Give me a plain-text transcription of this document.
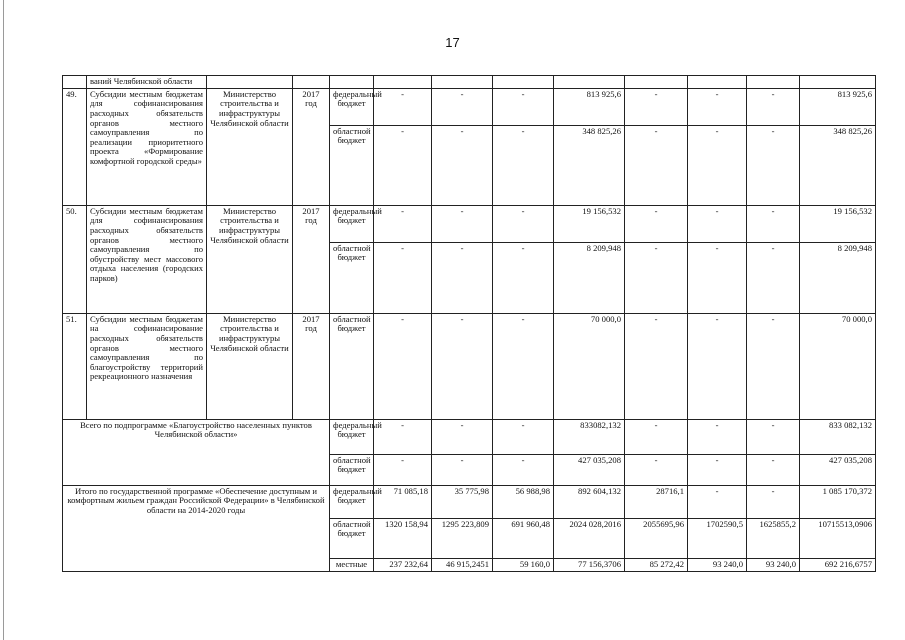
17

	ваний Челябинской области											

49.	Субсидии местным бюджетам для софинансирования расходных обязательств органов местного самоуправления по реализации приоритетного проекта «Формирование комфортной городской среды»	Министерство строительства и инфраструктуры Челябинской области	2017 год	федеральный бюджет	-	-	-	813 925,6	-	-	-	813 925,6
				областной бюджет	-	-	-	348 825,26	-	-	-	348 825,26
50.	Субсидии местным бюджетам для софинансирования расходных обязательств органов местного самоуправления по обустройству мест массового отдыха населения (городских парков)	Министерство строительства и инфраструктуры Челябинской области	2017 год	федеральный бюджет	-	-	-	19 156,532	-	-	-	19 156,532
				областной бюджет	-	-	-	8 209,948	-	-	-	8 209,948
51.	Субсидии местным бюджетам на софинансирование расходных обязательств органов местного самоуправления по благоустройству территорий рекреационного назначения	Министерство строительства и инфраструктуры Челябинской области	2017 год	областной бюджет	-	-	-	70 000,0	-	-	-	70 000,0
Всего по подпрограмме «Благоустройство населенных пунктов Челябинской области»				федеральный бюджет	-	-	-	833082,132	-	-	-	833 082,132
				областной бюджет	-	-	-	427 035,208	-	-	-	427 035,208
Итого по государственной программе «Обеспечение доступным и комфортным жильем граждан Российской Федерации» в Челябинской области на 2014-2020 годы				федеральный бюджет	71 085,18	35 775,98	56 988,98	892 604,132	28716,1	-	-	1 085 170,372
				областной бюджет	1320 158,94	1295 223,809	691 960,48	2024 028,2016	2055695,96	1702590,5	1625855,2	10715513,0906
				местные	237 232,64	46 915,2451	59 160,0	77 156,3706	85 272,42	93 240,0	93 240,0	692 216,6757
